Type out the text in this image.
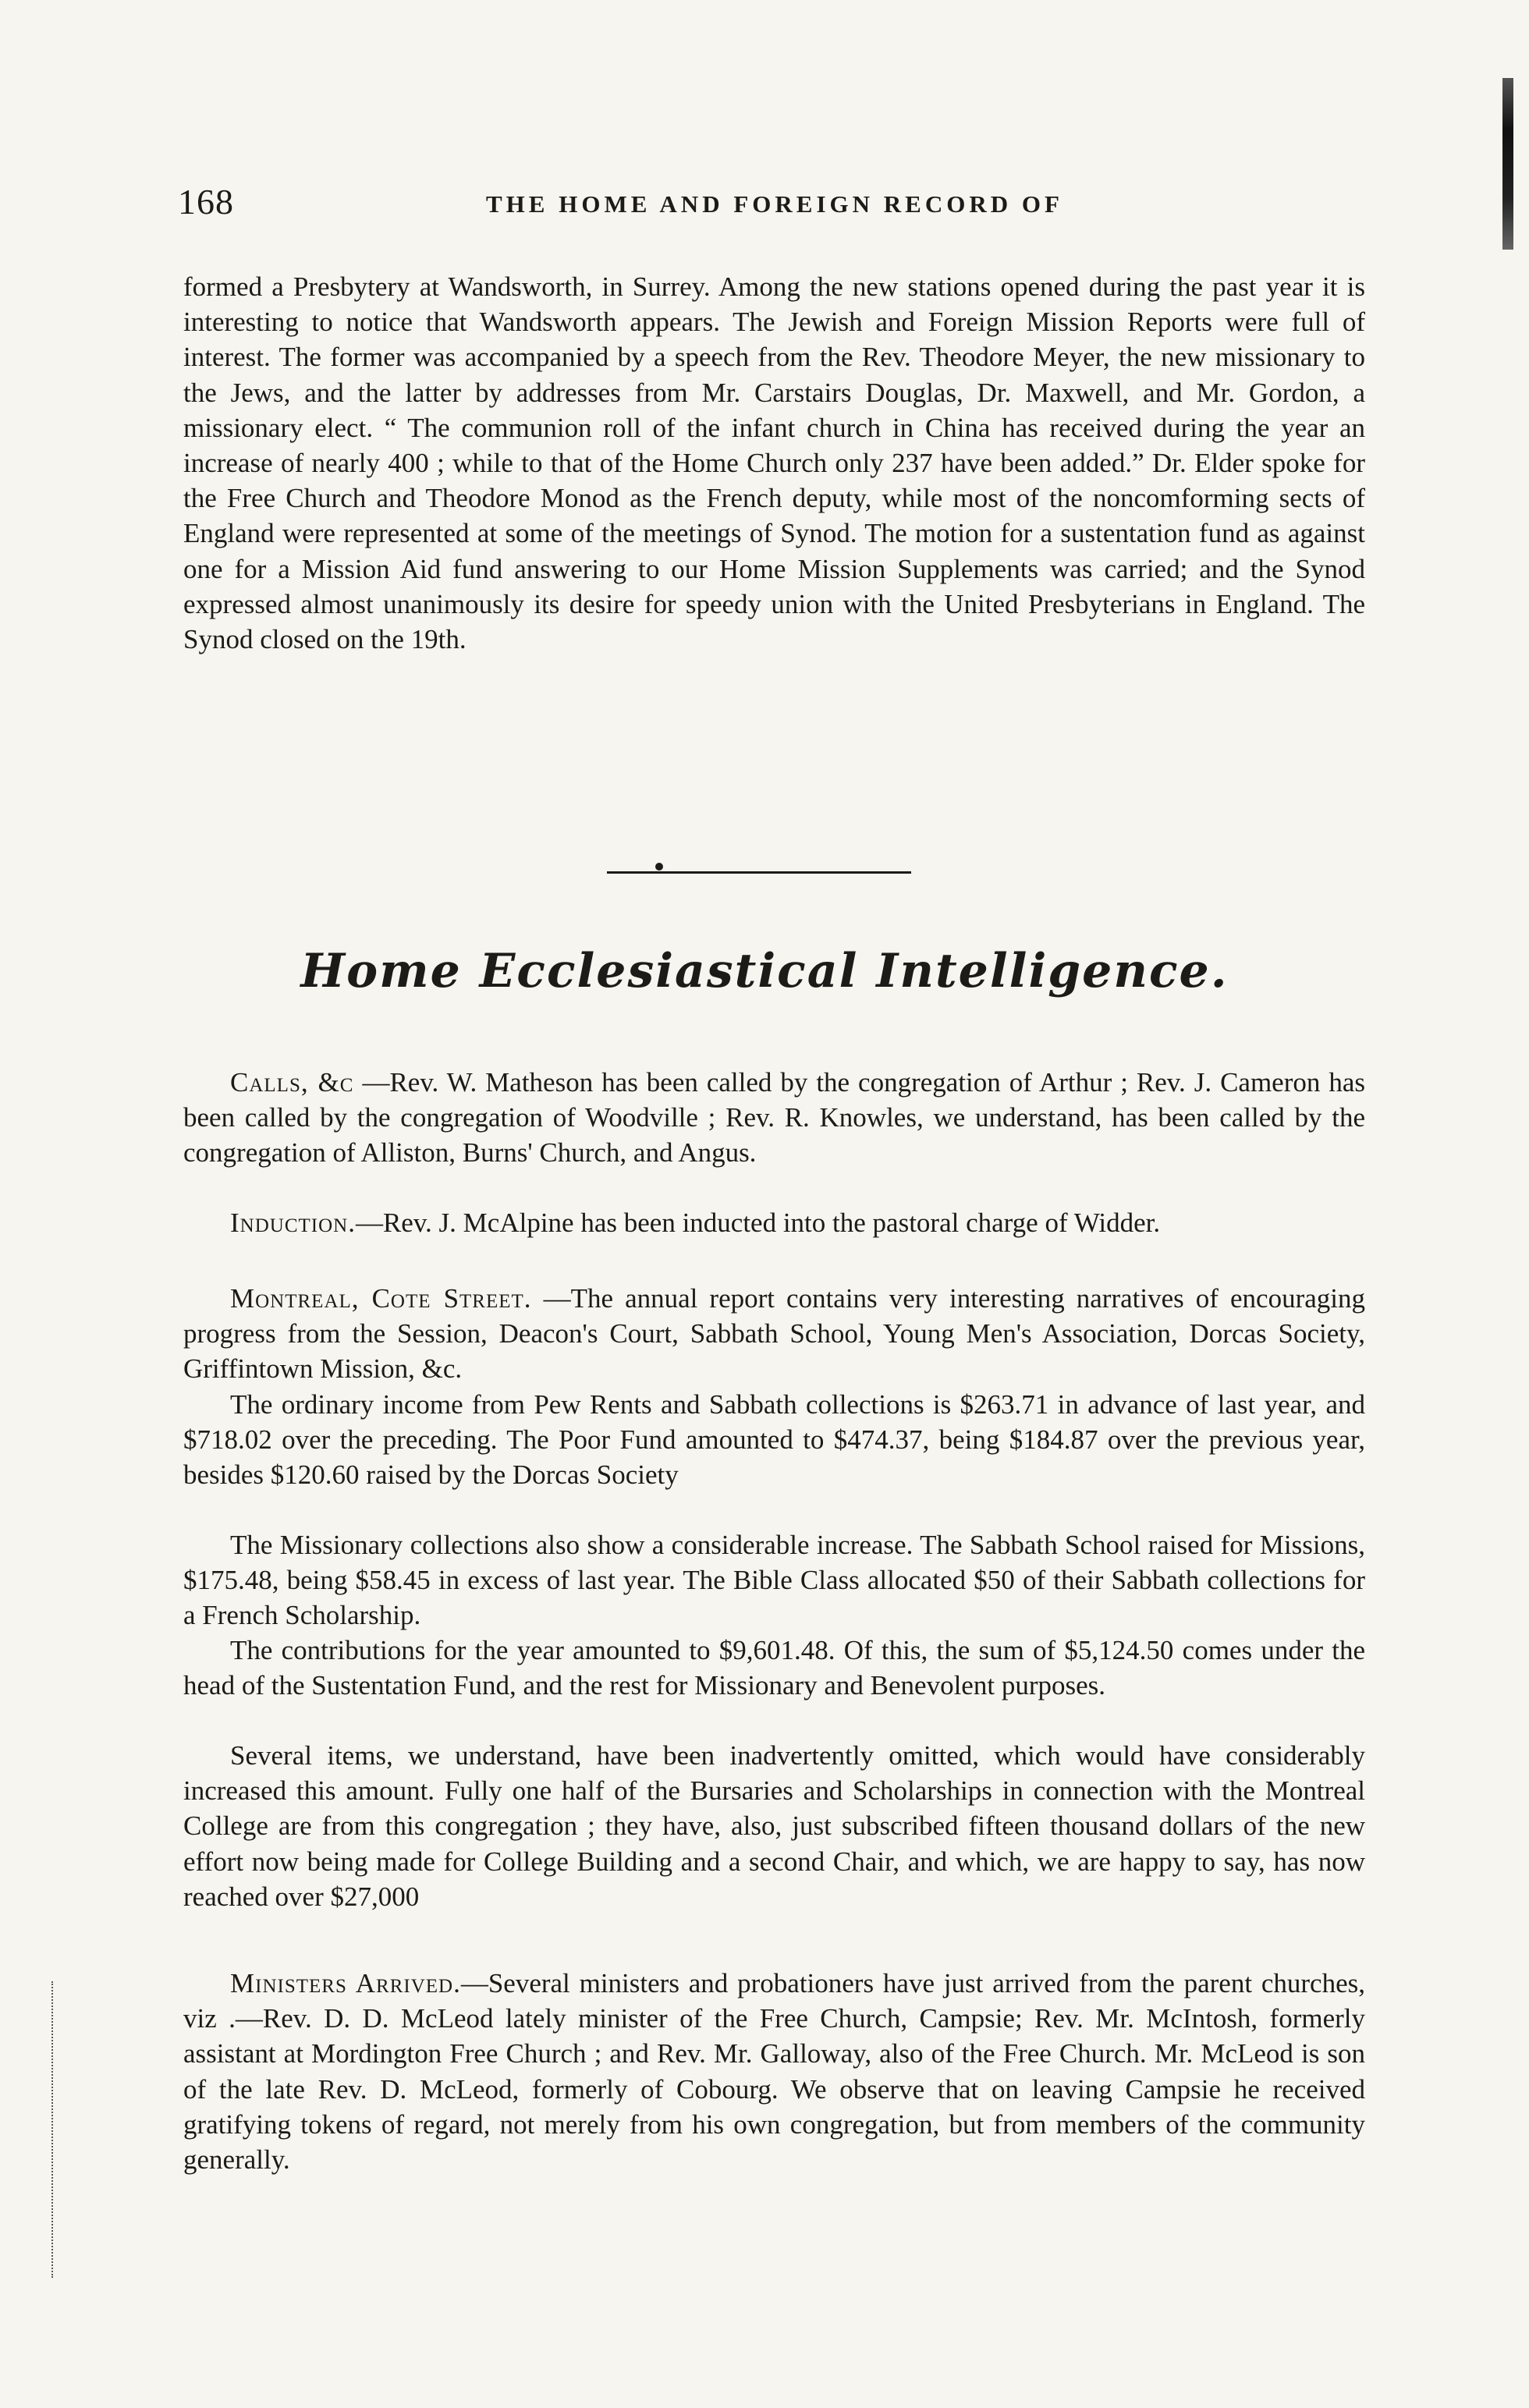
168	THE HOME AND FOREIGN RECORD OF

formed a Presbytery at Wandsworth, in Surrey. Among the new stations opened during the past year it is interesting to notice that Wandsworth appears. The Jewish and Foreign Mission Reports were full of interest. The former was accompanied by a speech from the Rev. Theodore Meyer, the new missionary to the Jews, and the latter by addresses from Mr. Carstairs Douglas, Dr. Maxwell, and Mr. Gordon, a missionary elect. “ The communion roll of the infant church in China has received during the year an increase of nearly 400 ; while to that of the Home Church only 237 have been added.” Dr. Elder spoke for the Free Church and Theodore Monod as the French deputy, while most of the noncomforming sects of England were represented at some of the meetings of Synod. The motion for a sustentation fund as against one for a Mission Aid fund answering to our Home Mission Supplements was carried; and the Synod expressed almost unanimously its desire for speedy union with the United Presbyterians in England. The Synod closed on the 19th.

Home Ecclesiastical Intelligence.

Calls, &c —Rev. W. Matheson has been called by the congregation of Arthur ; Rev. J. Cameron has been called by the congregation of Woodville ; Rev. R. Knowles, we understand, has been called by the congregation of Alliston, Burns' Church, and Angus.

Induction.—Rev. J. McAlpine has been inducted into the pastoral charge of Widder.

Montreal, Cote Street. —The annual report contains very interesting narratives of encouraging progress from the Session, Deacon's Court, Sabbath School, Young Men's Association, Dorcas Society, Griffintown Mission, &c.

The ordinary income from Pew Rents and Sabbath collections is $263.71 in advance of last year, and $718.02 over the preceding. The Poor Fund amounted to $474.37, being $184.87 over the previous year, besides $120.60 raised by the Dorcas Society

The Missionary collections also show a considerable increase. The Sabbath School raised for Missions, $175.48, being $58.45 in excess of last year. The Bible Class allocated $50 of their Sabbath collections for a French Scholarship.

The contributions for the year amounted to $9,601.48. Of this, the sum of $5,124.50 comes under the head of the Sustentation Fund, and the rest for Missionary and Benevolent purposes.

Several items, we understand, have been inadvertently omitted, which would have considerably increased this amount. Fully one half of the Bursaries and Scholarships in connection with the Montreal College are from this congregation ; they have, also, just subscribed fifteen thousand dollars of the new effort now being made for College Building and a second Chair, and which, we are happy to say, has now reached over $27,000

Ministers Arrived.—Several ministers and probationers have just arrived from the parent churches, viz .—Rev. D. D. McLeod lately minister of the Free Church, Campsie; Rev. Mr. McIntosh, formerly assistant at Mordington Free Church ; and Rev. Mr. Galloway, also of the Free Church. Mr. McLeod is son of the late Rev. D. McLeod, formerly of Cobourg. We observe that on leaving Campsie he received gratifying tokens of regard, not merely from his own congregation, but from members of the community generally.
